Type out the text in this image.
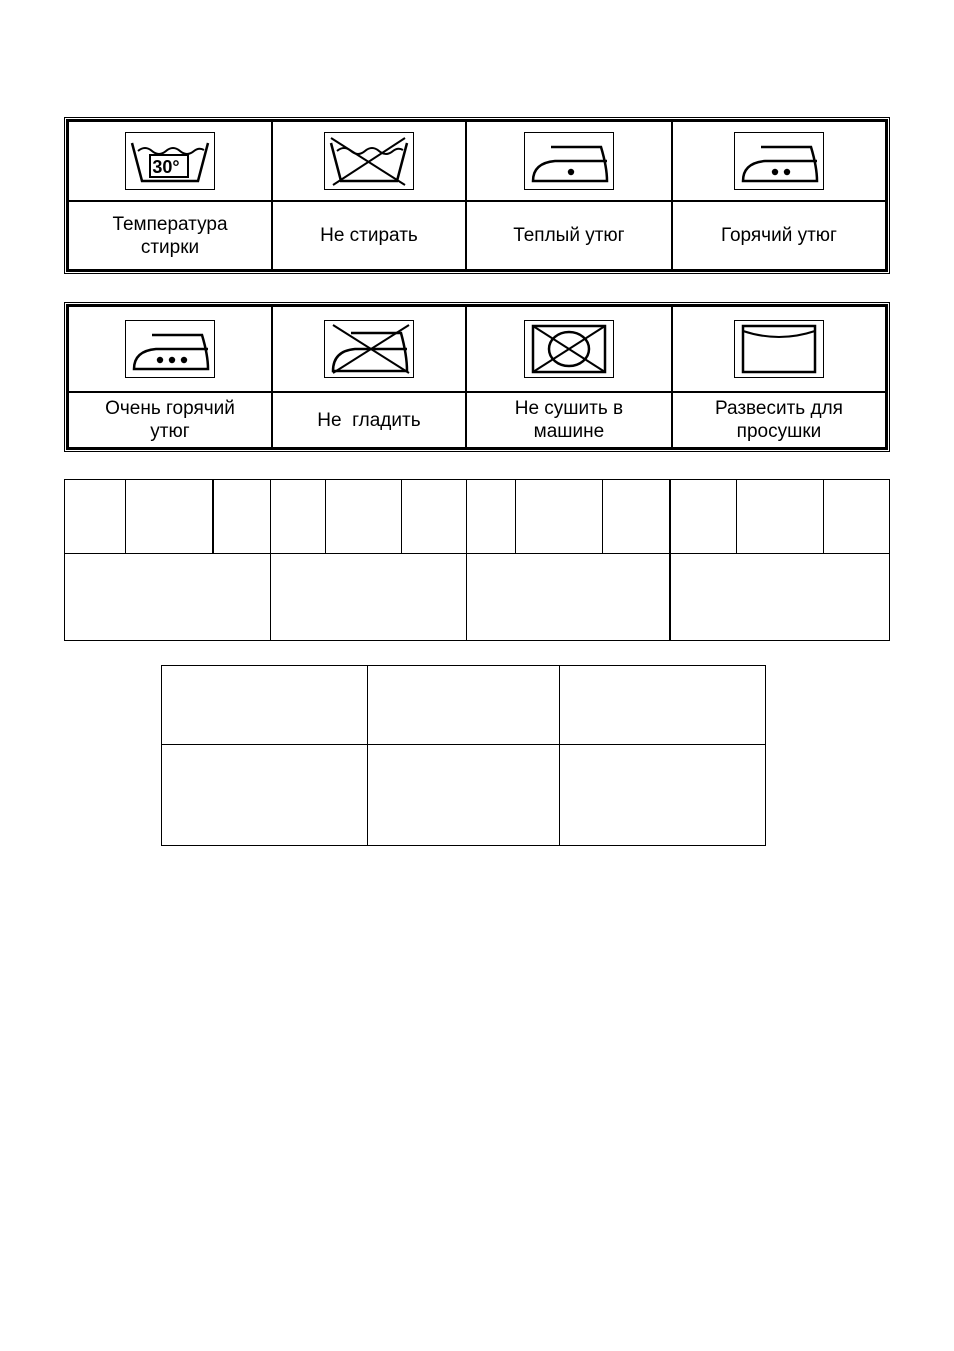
30°

Температура стирки	Не стирать	Теплый утюг	Горячий утюг

Очень горячий утюг	Не  гладить	Не сушить в машине	Развесить для просушки
